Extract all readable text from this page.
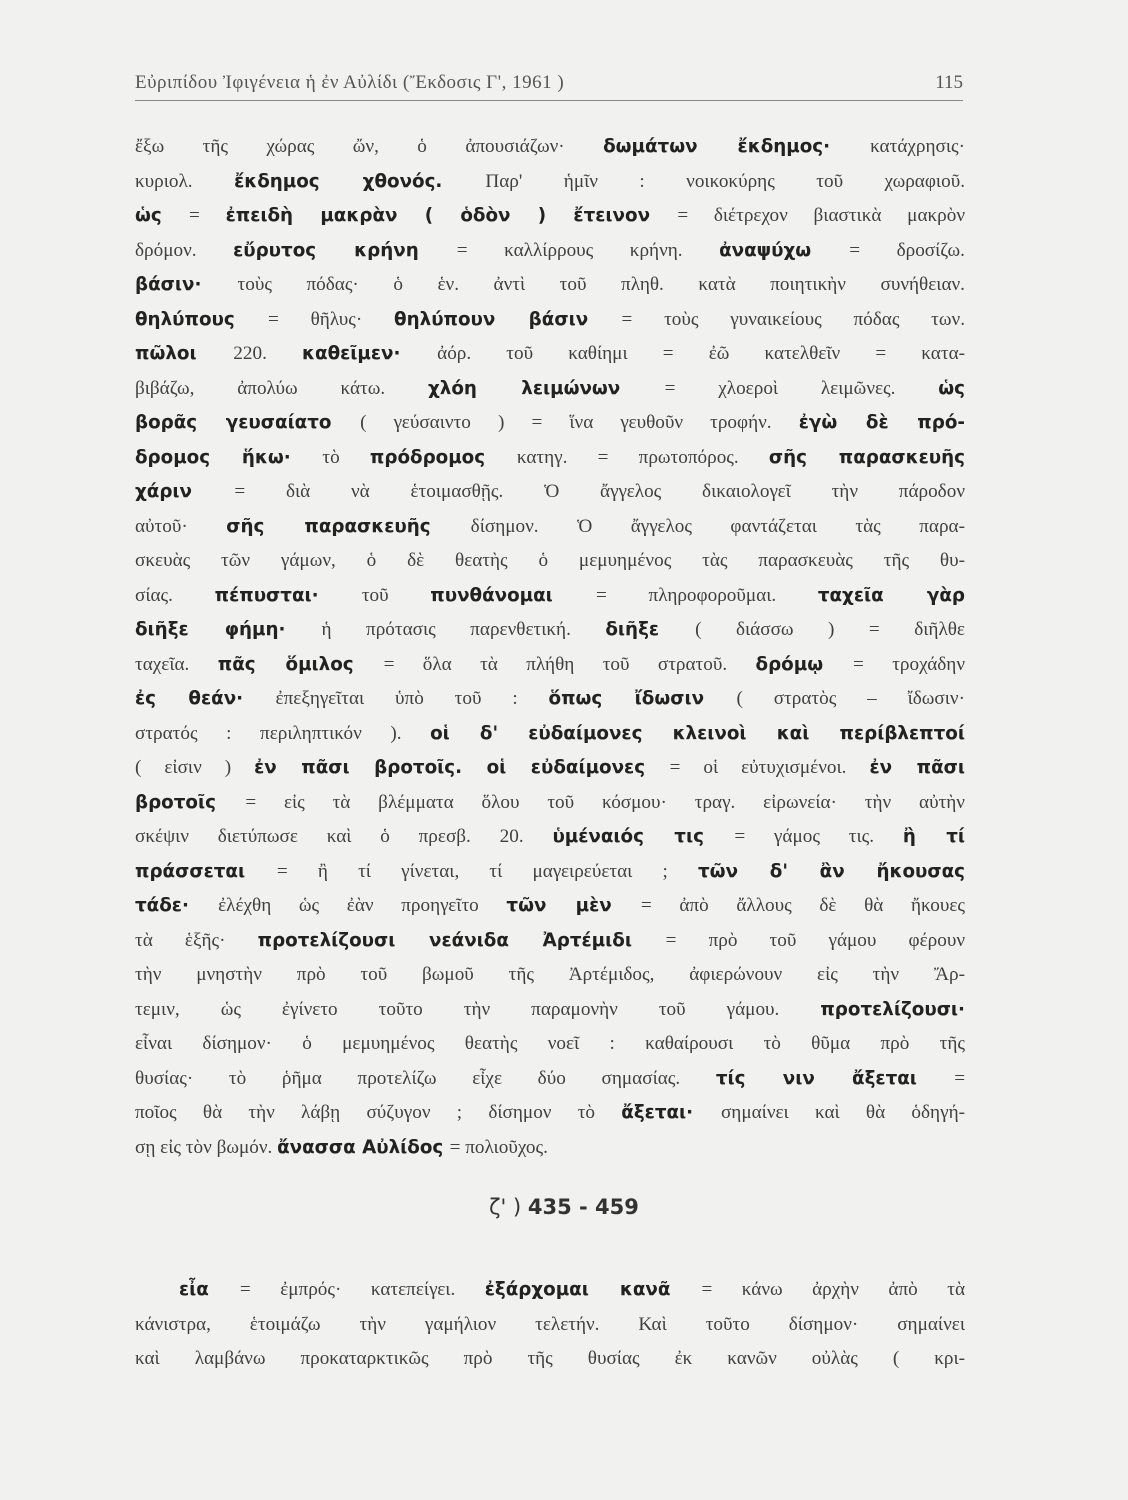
Εὐριπίδου Ἰφιγένεια ἡ ἐν Αὐλίδι (Ἔκδοσις Γ', 1961 )	115
ἔξω τῆς χώρας ὤν, ὁ ἀπουσιάζων· δωμάτων ἔκδημος· κατάχρησις·
κυριολ. ἔκδημος χθονός. Παρ' ἡμῖν : νοικοκύρης τοῦ χωραφιοῦ.
ὡς = ἐπειδὴ μακρὰν ( ὁδὸν ) ἔτεινον = διέτρεχον βιαστικὰ μακρὸν
δρόμον. εὔρυτος κρήνη = καλλίρρους κρήνη. ἀναψύχω = δροσίζω.
βάσιν· τοὺς πόδας· ὁ ἑν. ἀντὶ τοῦ πληθ. κατὰ ποιητικὴν συνήθειαν.
θηλύπους = θῆλυς· θηλύπουν βάσιν = τοὺς γυναικείους πόδας των.
πῶλοι 220. καθεῖμεν· ἀόρ. τοῦ καθίημι = ἐῶ κατελθεῖν = κατα-
βιβάζω, ἀπολύω κάτω. χλόη λειμώνων = χλοεροὶ λειμῶνες. ὡς
βορᾶς γευσαίατο ( γεύσαιντο ) = ἵνα γευθοῦν τροφήν. ἐγὼ δὲ πρό-
δρομος ἥκω· τὸ πρόδρομος κατηγ. = πρωτοπόρος. σῆς παρασκευῆς
χάριν = διὰ νὰ ἑτοιμασθῇς. Ὁ ἄγγελος δικαιολογεῖ τὴν πάροδον
αὐτοῦ· σῆς παρασκευῆς δίσημον. Ὁ ἄγγελος φαντάζεται τὰς παρα-
σκευὰς τῶν γάμων, ὁ δὲ θεατὴς ὁ μεμυημένος τὰς παρασκευὰς τῆς θυ-
σίας. πέπυσται· τοῦ πυνθάνομαι = πληροφοροῦμαι. ταχεῖα γὰρ
διῆξε φήμη· ἡ πρότασις παρενθετική. διῆξε ( διάσσω ) = διῆλθε
ταχεῖα. πᾶς ὅμιλος = ὅλα τὰ πλήθη τοῦ στρατοῦ. δρόμῳ = τροχάδην
ἐς θεάν· ἐπεξηγεῖται ὑπὸ τοῦ : ὅπως ἴδωσιν ( στρατὸς – ἴδωσιν·
στρατός : περιληπτικόν ). οἱ δ' εὐδαίμονες κλεινοὶ καὶ περίβλεπτοί
( εἰσιν ) ἐν πᾶσι βροτοῖς. οἱ εὐδαίμονες = οἱ εὐτυχισμένοι. ἐν πᾶσι
βροτοῖς = εἰς τὰ βλέμματα ὅλου τοῦ κόσμου· τραγ. εἰρωνεία· τὴν αὐτὴν
σκέψιν διετύπωσε καὶ ὁ πρεσβ. 20. ὑμέναιός τις = γάμος τις. ἢ τί
πράσσεται = ἢ τί γίνεται, τί μαγειρεύεται ; τῶν δ' ἂν ἤκουσας
τάδε· ἐλέχθη ὡς ἐὰν προηγεῖτο τῶν μὲν = ἀπὸ ἄλλους δὲ θὰ ἤκουες
τὰ ἑξῆς· προτελίζουσι νεάνιδα Ἀρτέμιδι = πρὸ τοῦ γάμου φέρουν
τὴν μνηστὴν πρὸ τοῦ βωμοῦ τῆς Ἀρτέμιδος, ἀφιερώνουν εἰς τὴν Ἄρ-
τεμιν, ὡς ἐγίνετο τοῦτο τὴν παραμονὴν τοῦ γάμου. προτελίζουσι·
εἶναι δίσημον· ὁ μεμυημένος θεατὴς νοεῖ : καθαίρουσι τὸ θῦμα πρὸ τῆς
θυσίας· τὸ ῥῆμα προτελίζω εἶχε δύο σημασίας. τίς νιν ἄξεται =
ποῖος θὰ τὴν λάβῃ σύζυγον ; δίσημον τὸ ἄξεται· σημαίνει καὶ θὰ ὁδηγή-
σῃ εἰς τὸν βωμόν. ἄνασσα Αὐλίδος = πολιοῦχος.
ζ' ) 435 - 459
εἶα = ἐμπρός· κατεπείγει. ἐξάρχομαι κανᾶ = κάνω ἀρχὴν ἀπὸ τὰ
κάνιστρα, ἑτοιμάζω τὴν γαμήλιον τελετήν. Καὶ τοῦτο δίσημον· σημαίνει
καὶ λαμβάνω προκαταρκτικῶς πρὸ τῆς θυσίας ἐκ κανῶν οὐλὰς ( κρι-
